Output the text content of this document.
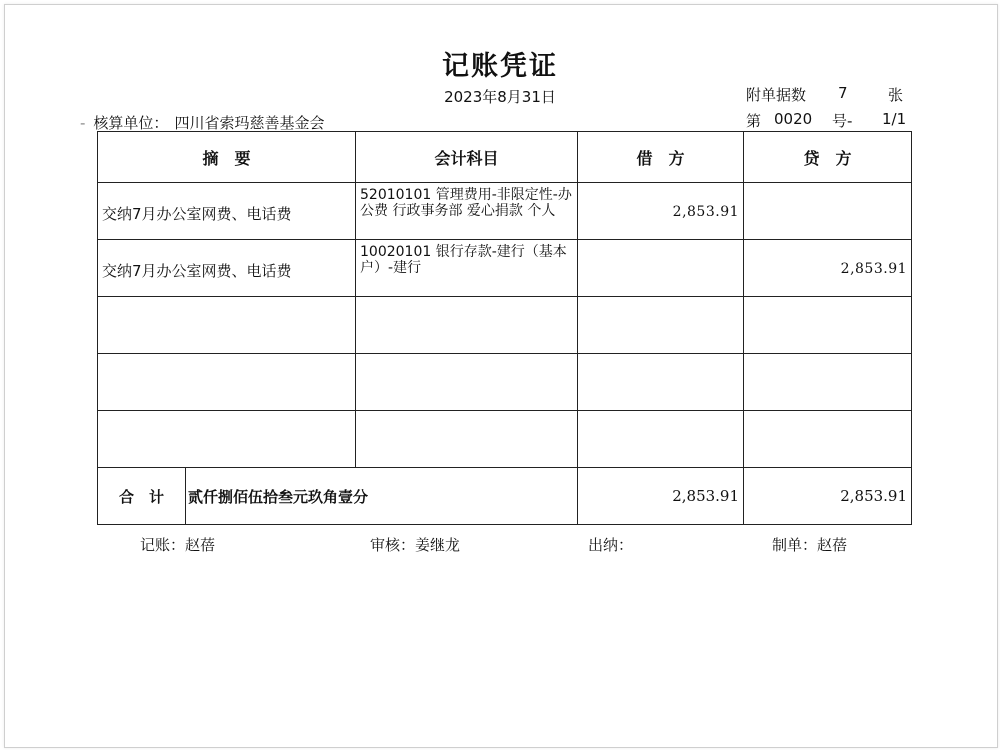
记账凭证
2023年8月31日	附单据数 7	张
第 0020 号- 1/1
- 核算单位： 四川省索玛慈善基金会
摘　要		会计科目	借　方	贷　方
交纳7月办公室网费、电话费		52010101 管理费用-非限定性-办公费 行政事务部 爱心捐款 个人	2,853.91	
交纳7月办公室网费、电话费		10020101 银行存款-建行（基本户）-建行		2,853.91

合　计	贰仟捌佰伍拾叁元玖角壹分		2,853.91	2,853.91
记账：赵蓓	审核：姜继龙	出纳：	制单：赵蓓
